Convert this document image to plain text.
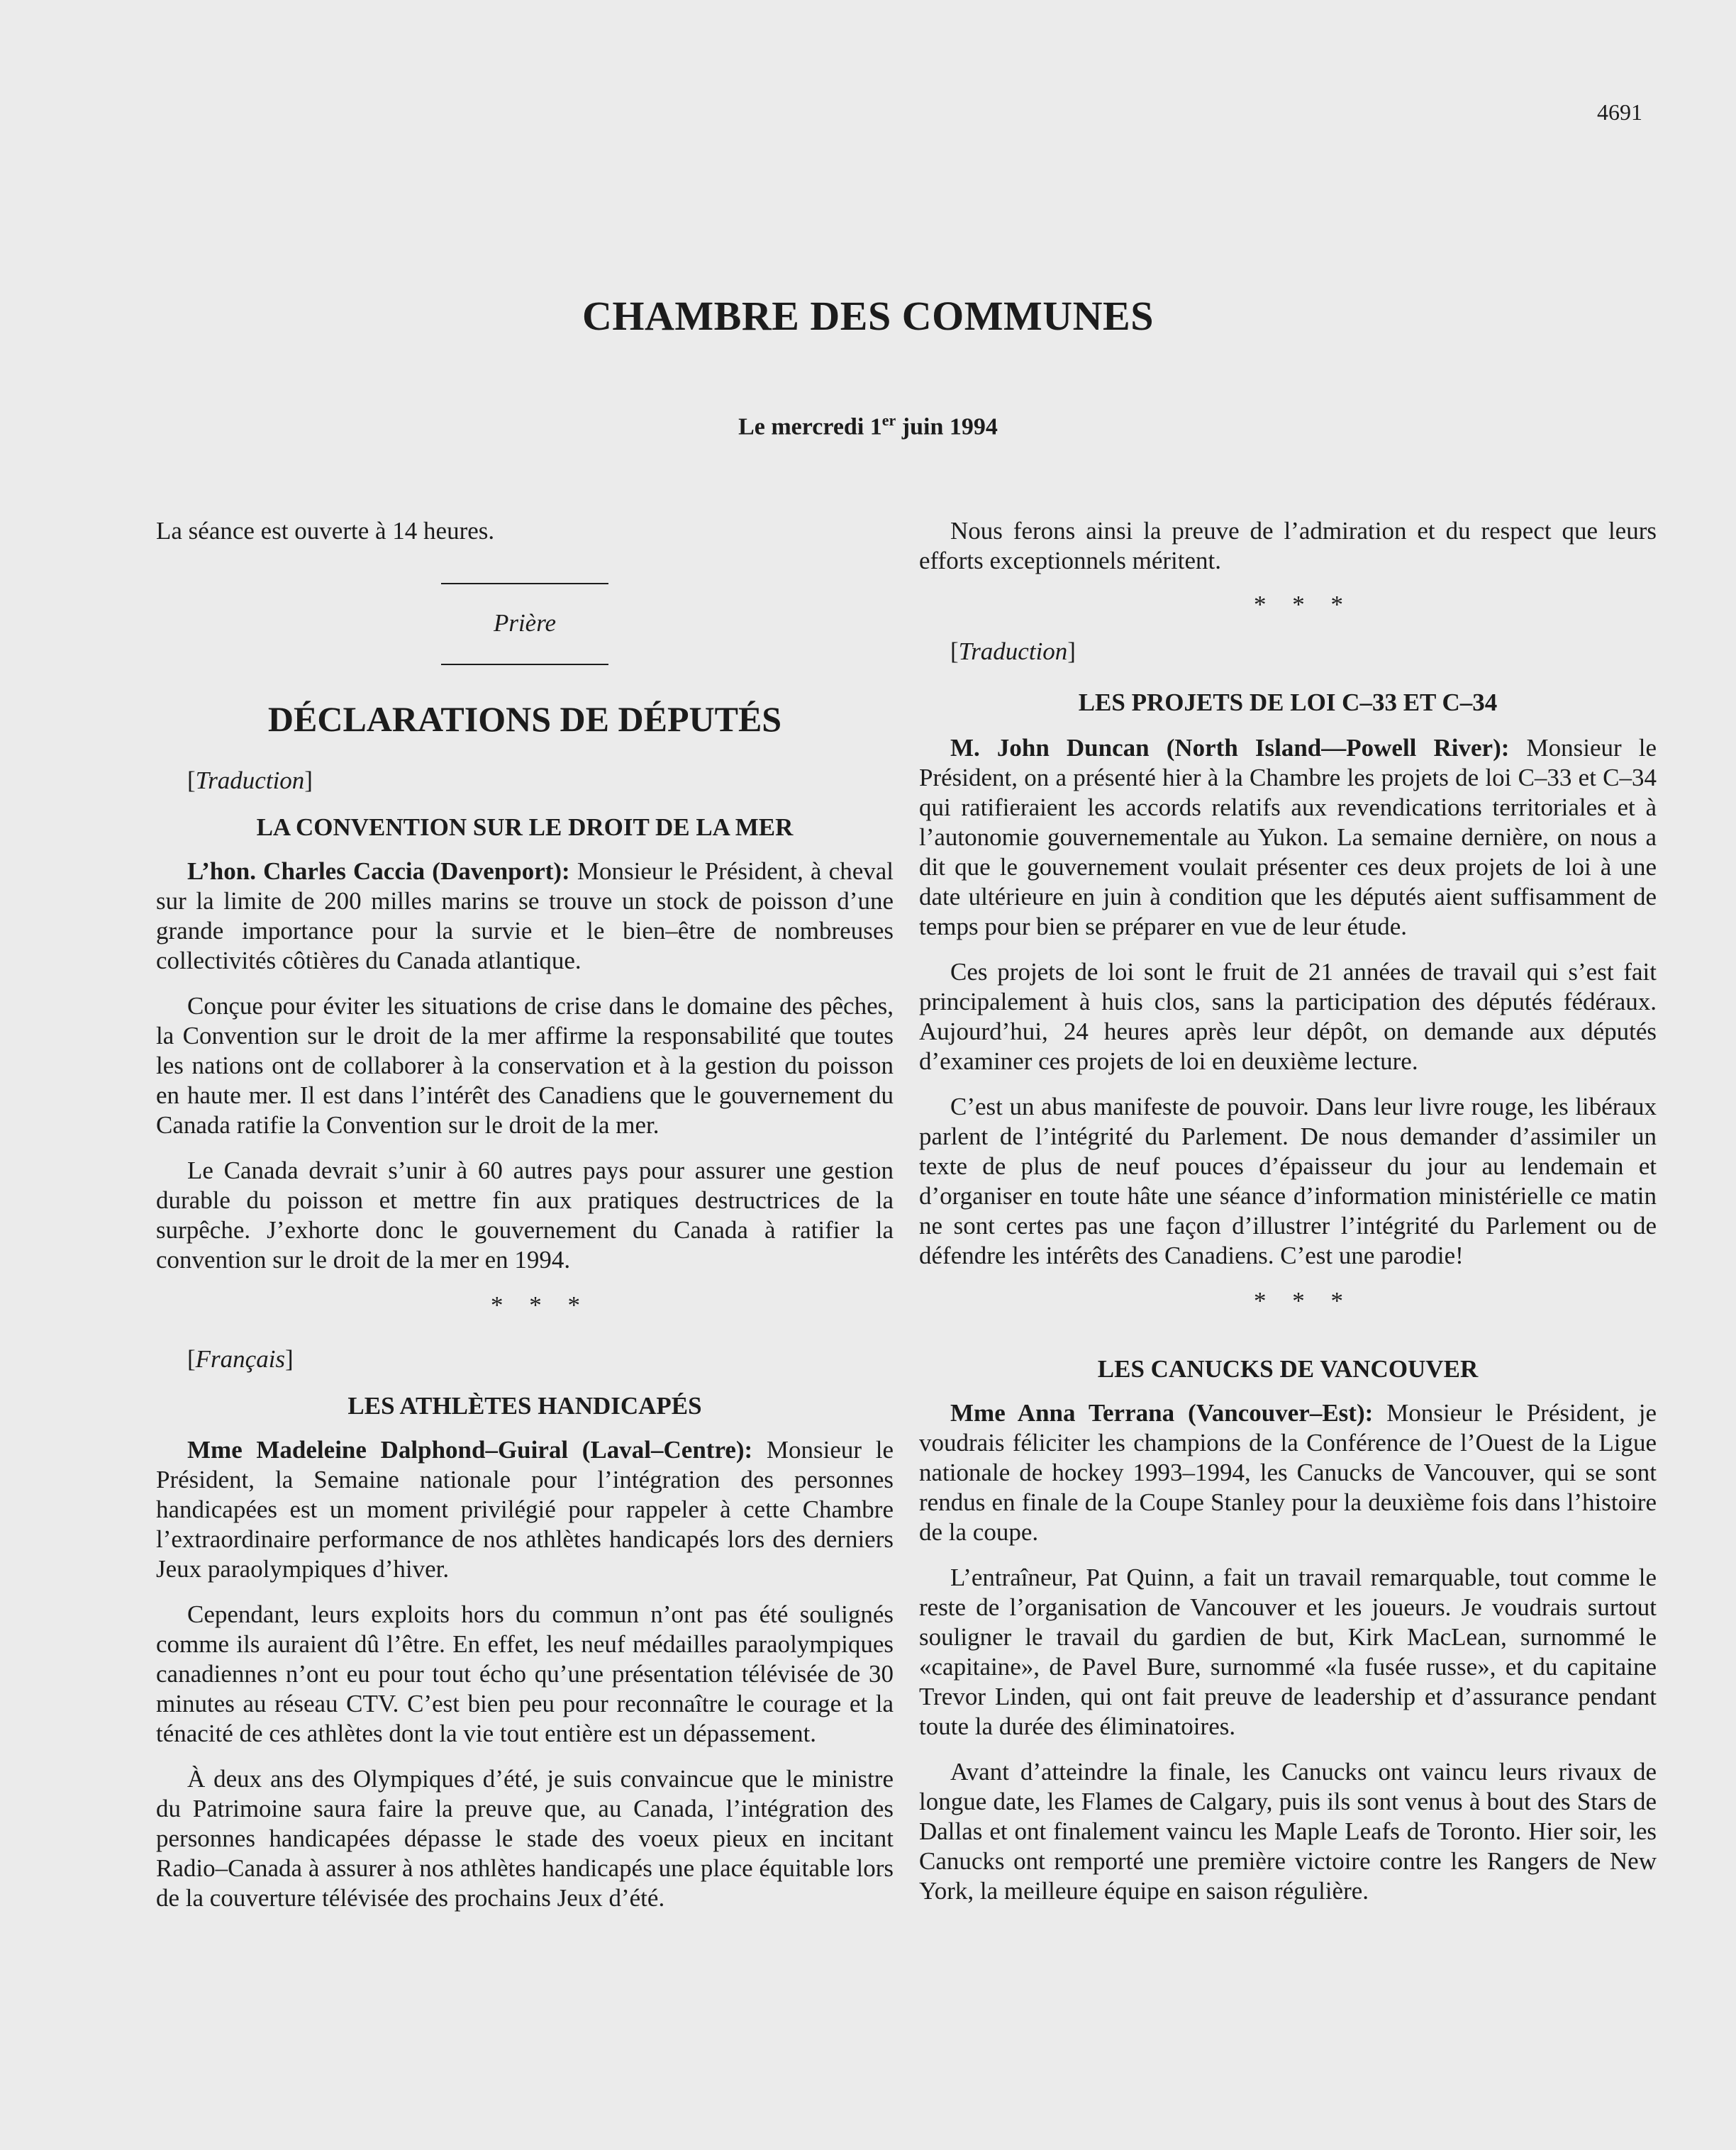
4691
CHAMBRE DES COMMUNES
Le mercredi 1er juin 1994

La séance est ouverte à 14 heures.

Prière

DÉCLARATIONS DE DÉPUTÉS

[Traduction]

LA CONVENTION SUR LE DROIT DE LA MER

L’hon. Charles Caccia (Davenport): Monsieur le Président, à cheval sur la limite de 200 milles marins se trouve un stock de poisson d’une grande importance pour la survie et le bien–être de nombreuses collectivités côtières du Canada atlantique.

Conçue pour éviter les situations de crise dans le domaine des pêches, la Convention sur le droit de la mer affirme la responsabilité que toutes les nations ont de collaborer à la conservation et à la gestion du poisson en haute mer. Il est dans l’intérêt des Canadiens que le gouvernement du Canada ratifie la Convention sur le droit de la mer.

Le Canada devrait s’unir à 60 autres pays pour assurer une gestion durable du poisson et mettre fin aux pratiques destructrices de la surpêche. J’exhorte donc le gouvernement du Canada à ratifier la convention sur le droit de la mer en 1994.

* * *

[Français]

LES ATHLÈTES HANDICAPÉS

Mme Madeleine Dalphond–Guiral (Laval–Centre): Monsieur le Président, la Semaine nationale pour l’intégration des personnes handicapées est un moment privilégié pour rappeler à cette Chambre l’extraordinaire performance de nos athlètes handicapés lors des derniers Jeux paraolympiques d’hiver.

Cependant, leurs exploits hors du commun n’ont pas été soulignés comme ils auraient dû l’être. En effet, les neuf médailles paraolympiques canadiennes n’ont eu pour tout écho qu’une présentation télévisée de 30 minutes au réseau CTV. C’est bien peu pour reconnaître le courage et la ténacité de ces athlètes dont la vie tout entière est un dépassement.

À deux ans des Olympiques d’été, je suis convaincue que le ministre du Patrimoine saura faire la preuve que, au Canada, l’intégration des personnes handicapées dépasse le stade des voeux pieux en incitant Radio–Canada à assurer à nos athlètes handicapés une place équitable lors de la couverture télévisée des prochains Jeux d’été.

Nous ferons ainsi la preuve de l’admiration et du respect que leurs efforts exceptionnels méritent.

* * *

[Traduction]

LES PROJETS DE LOI C–33 ET C–34

M. John Duncan (North Island—Powell River): Monsieur le Président, on a présenté hier à la Chambre les projets de loi C–33 et C–34 qui ratifieraient les accords relatifs aux revendications territoriales et à l’autonomie gouvernementale au Yukon. La semaine dernière, on nous a dit que le gouvernement voulait présenter ces deux projets de loi à une date ultérieure en juin à condition que les députés aient suffisamment de temps pour bien se préparer en vue de leur étude.

Ces projets de loi sont le fruit de 21 années de travail qui s’est fait principalement à huis clos, sans la participation des députés fédéraux. Aujourd’hui, 24 heures après leur dépôt, on demande aux députés d’examiner ces projets de loi en deuxième lecture.

C’est un abus manifeste de pouvoir. Dans leur livre rouge, les libéraux parlent de l’intégrité du Parlement. De nous demander d’assimiler un texte de plus de neuf pouces d’épaisseur du jour au lendemain et d’organiser en toute hâte une séance d’information ministérielle ce matin ne sont certes pas une façon d’illustrer l’intégrité du Parlement ou de défendre les intérêts des Canadiens. C’est une parodie!

* * *

LES CANUCKS DE VANCOUVER

Mme Anna Terrana (Vancouver–Est): Monsieur le Président, je voudrais féliciter les champions de la Conférence de l’Ouest de la Ligue nationale de hockey 1993–1994, les Canucks de Vancouver, qui se sont rendus en finale de la Coupe Stanley pour la deuxième fois dans l’histoire de la coupe.

L’entraîneur, Pat Quinn, a fait un travail remarquable, tout comme le reste de l’organisation de Vancouver et les joueurs. Je voudrais surtout souligner le travail du gardien de but, Kirk MacLean, surnommé le «capitaine», de Pavel Bure, surnommé «la fusée russe», et du capitaine Trevor Linden, qui ont fait preuve de leadership et d’assurance pendant toute la durée des éliminatoires.

Avant d’atteindre la finale, les Canucks ont vaincu leurs rivaux de longue date, les Flames de Calgary, puis ils sont venus à bout des Stars de Dallas et ont finalement vaincu les Maple Leafs de Toronto. Hier soir, les Canucks ont remporté une première victoire contre les Rangers de New York, la meilleure équipe en saison régulière.
